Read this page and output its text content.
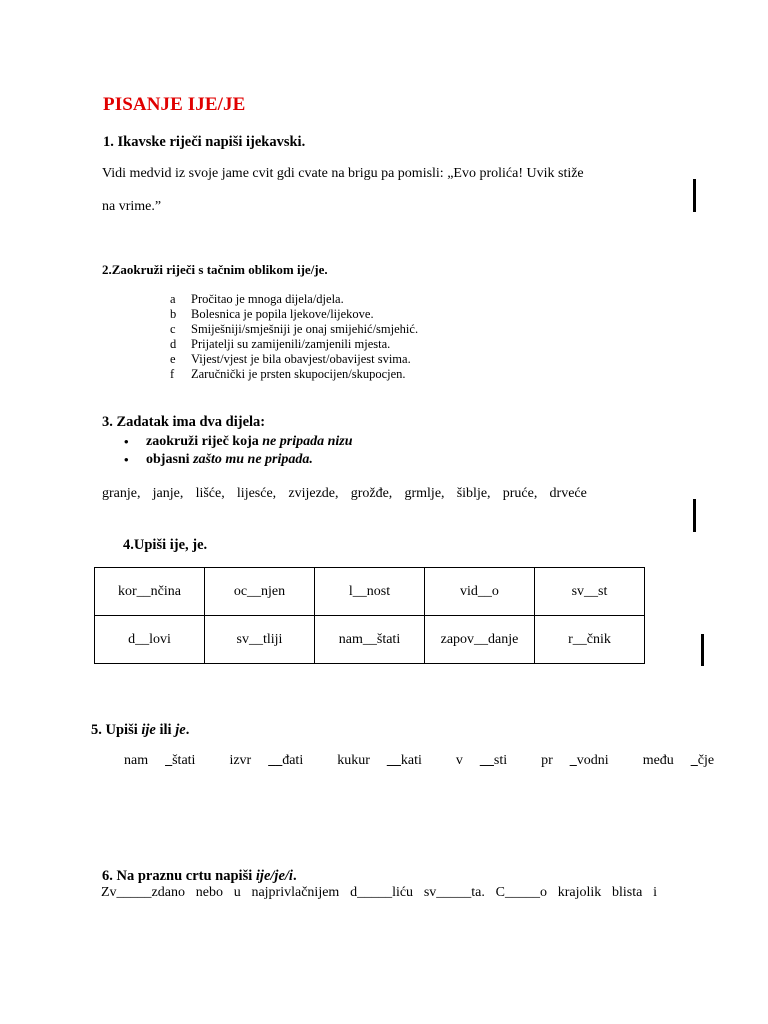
PISANJE IJE/JE
1. Ikavske riječi napiši ijekavski.
Vidi medvid iz svoje jame cvit gdi cvate na brigu pa pomisli: „Evo prolića! Uvik stiže
na vrime.”
2.Zaokruži riječi s tačnim oblikom ije/je.
a	Pročitao je mnoga dijela/djela.
b	Bolesnica je popila ljekove/lijekove.
c	Smiješniji/smješniji je onaj smijehić/smjehić.
d	Prijatelji su zamijenili/zamjenili mjesta.
e	Vijest/vjest je bila obavjest/obavijest svima.
f	Zaručnički je prsten skupocijen/skupocjen.
3. Zadatak ima dva dijela:
•	zaokruži riječ koja
ne pripada nizu
•	objasni
zašto mu ne pripada.
granje, janje, lišće, lijesće, zvijezde, grožđe, grmlje, šiblje, pruće, drveće
4.Upiši ije, je.
kor__nčina	oc__njen	l__nost	vid__o	sv__st
d__lovi	sv__tliji	nam__štati	zapov__danje	r__čnik
5. Upiši ije ili je.
nam _štati	izvr __đati	kukur __kati	v __sti	pr _vodni	među _čje
6. Na praznu crtu napiši ije/je/i.
Zv_____zdano nebo u najprivlačnijem d_____liću sv_____ta. C_____o krajolik blista i
